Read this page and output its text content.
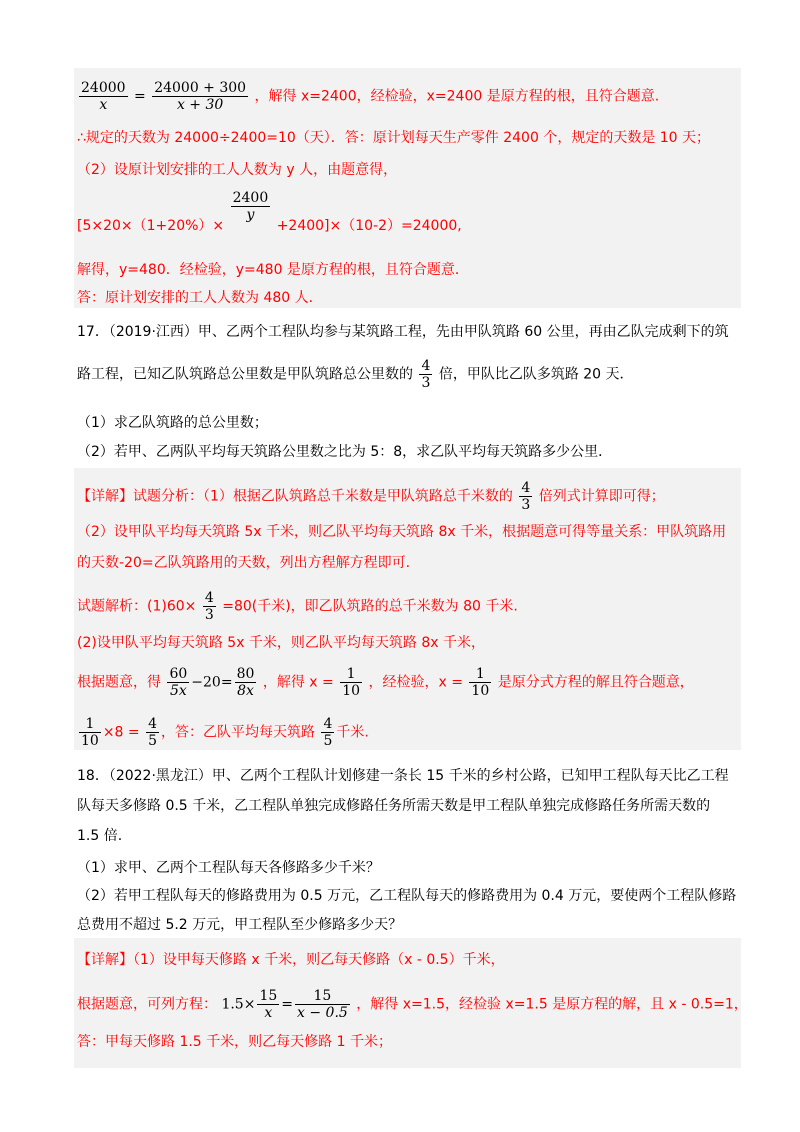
$\frac{24000}{x} = \frac{24000 + 300}{x + 30}$ ，解得 x=2400，经检验，x=2400 是原方程的根，且符合题意.
∴规定的天数为 24000÷2400=10（天）．答：原计划每天生产零件 2400 个，规定的天数是 10 天；
（2）设原计划安排的工人人数为 y 人，由题意得，
[5×20×（1+20%）×
$\frac{2400}{y}$
+2400]×（10-2）=24000,
解得，y=480．经检验，y=480 是原方程的根，且符合题意．
答：原计划安排的工人人数为 480 人．
17．（2019·江西）甲、乙两个工程队均参与某筑路工程，先由甲队筑路 60 公里，再由乙队完成剩下的筑
路工程，已知乙队筑路总公里数是甲队筑路总公里数的 $\frac{4}{3}$ 倍，甲队比乙队多筑路 20 天．
（1）求乙队筑路的总公里数；
（2）若甲、乙两队平均每天筑路公里数之比为 5：8，求乙队平均每天筑路多少公里．
【详解】试题分析：（1）根据乙队筑路总千米数是甲队筑路总千米数的 $\frac{4}{3}$ 倍列式计算即可得；
（2）设甲队平均每天筑路 5x 千米，则乙队平均每天筑路 8x 千米，根据题意可得等量关系：甲队筑路用
的天数-20=乙队筑路用的天数，列出方程解方程即可.
试题解析：$(1)60\times \frac{4}{3} =80$(千米)，即乙队筑路的总千米数为 80 千米.
(2)设甲队平均每天筑路 5x 千米，则乙队平均每天筑路 8x 千米，
根据题意，得 $\frac{60}{5x} -20= \frac{80}{8x}$ ，解得 $x = \frac{1}{10}$ ，经检验，$x = \frac{1}{10}$ 是原分式方程的解且符合题意，
$\frac{1}{10} \times 8 = \frac{4}{5}$ ，答：乙队平均每天筑路 $\frac{4}{5}$ 千米.
18．（2022·黑龙江）甲、乙两个工程队计划修建一条长 15 千米的乡村公路，已知甲工程队每天比乙工程
队每天多修路 0.5 千米，乙工程队单独完成修路任务所需天数是甲工程队单独完成修路任务所需天数的
1.5 倍.
（1）求甲、乙两个工程队每天各修路多少千米？
（2）若甲工程队每天的修路费用为 0.5 万元，乙工程队每天的修路费用为 0.4 万元，要使两个工程队修路
总费用不超过 5.2 万元，甲工程队至少修路多少天？
【详解】（1）设甲每天修路 x 千米，则乙每天修路（x - 0.5）千米，
根据题意，可列方程： $1.5\times \frac{15}{x} = \frac{15}{x - 0.5}$ ，解得 x=1.5，经检验 x=1.5 是原方程的解，且 x - 0.5=1，
答：甲每天修路 1.5 千米，则乙每天修路 1 千米；
